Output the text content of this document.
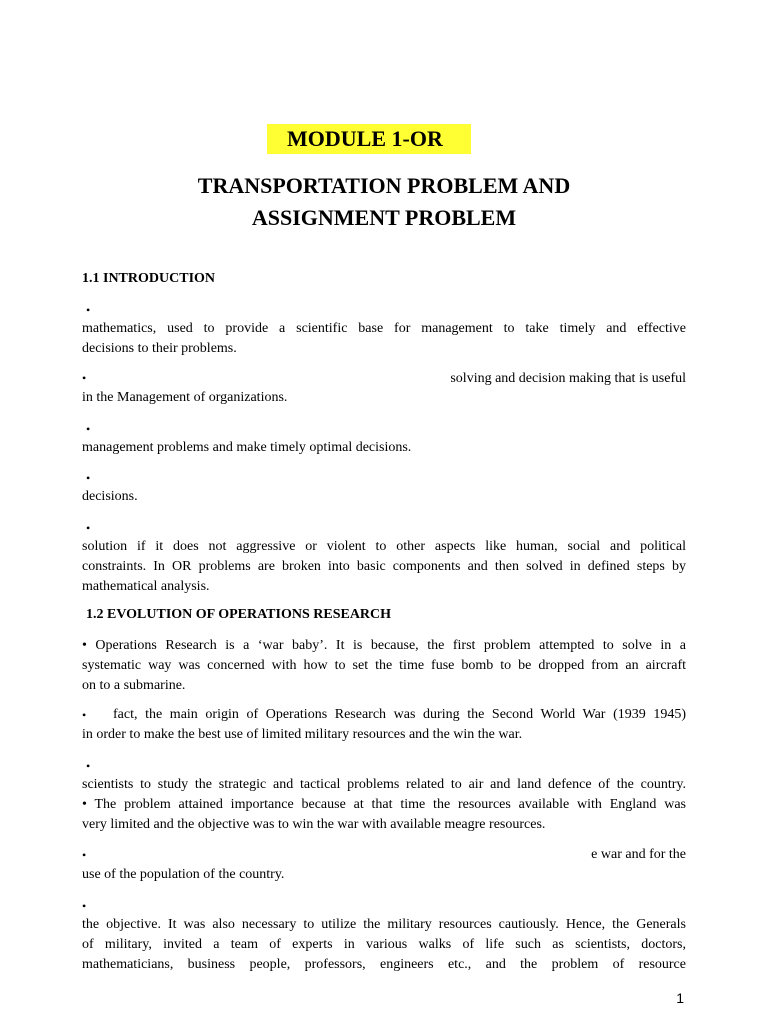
MODULE 1-OR
TRANSPORTATION PROBLEM AND
ASSIGNMENT PROBLEM
1.1 INTRODUCTION
•
mathematics, used to provide a scientific base for management to take timely and effective
decisions to their problems.
•	solving and decision making that is useful
in the Management of organizations.
•
management problems and make timely optimal decisions.
•
decisions.
•
solution if it does not aggressive or violent to other aspects like human, social and political
constraints. In OR problems are broken into basic components and then solved in defined steps by
mathematical analysis.
1.2 EVOLUTION OF OPERATIONS RESEARCH
• Operations Research is a ‘war baby’. It is because, the first problem attempted to solve in a
systematic way was concerned with how to set the time fuse bomb to be dropped from an aircraft
on to a submarine.
• fact, the main origin of Operations Research was during the Second World War (1939 1945)
in order to make the best use of limited military resources and the win the war.
•
scientists to study the strategic and tactical problems related to air and land defence of the country.
• The problem attained importance because at that time the resources available with England was
very limited and the objective was to win the war with available meagre resources.
•	e war and for the
use of the population of the country.
•
the objective. It was also necessary to utilize the military resources cautiously. Hence, the Generals
of military, invited a team of experts in various walks of life such as scientists, doctors,
mathematicians, business people, professors, engineers etc., and the problem of resource
1
